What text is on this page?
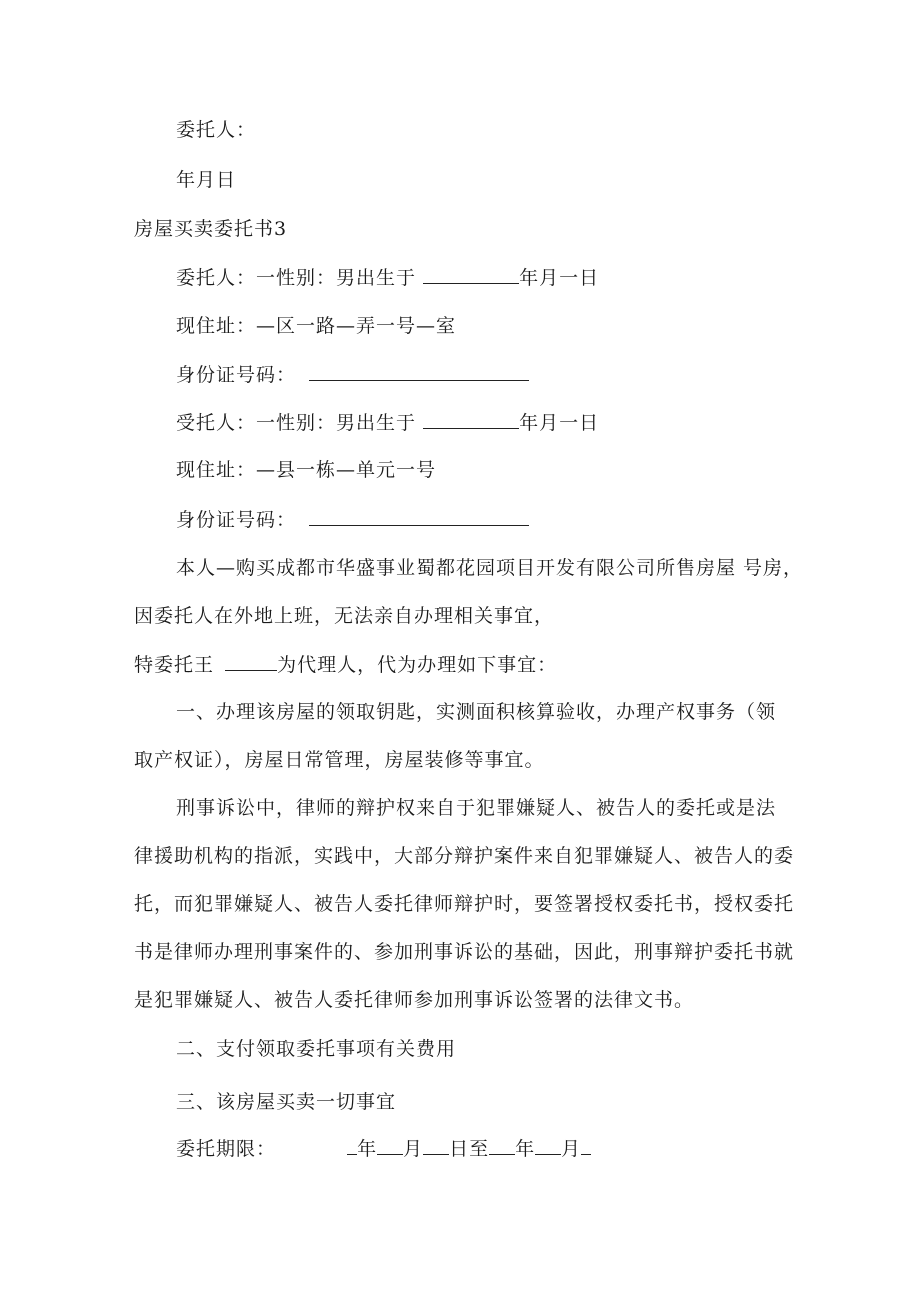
委托人：
年月日
房屋买卖委托书3
委托人：一性别：男出生于	年月一日
现住址：—区一路—弄一号—室
身份证号码：
受托人：一性别：男出生于	年月一日
现住址：—县一栋—单元一号
身份证号码：
本人—购买成都市华盛事业蜀都花园项目开发有限公司所售房屋 号房，
因委托人在外地上班，无法亲自办理相关事宜，
特委托王	为代理人，代为办理如下事宜：
一、办理该房屋的领取钥匙，实测面积核算验收，办理产权事务（领
取产权证），房屋日常管理，房屋装修等事宜。
刑事诉讼中，律师的辩护权来自于犯罪嫌疑人、被告人的委托或是法
律援助机构的指派，实践中，大部分辩护案件来自犯罪嫌疑人、被告人的委
托，而犯罪嫌疑人、被告人委托律师辩护时，要签署授权委托书，授权委托
书是律师办理刑事案件的、参加刑事诉讼的基础，因此，刑事辩护委托书就
是犯罪嫌疑人、被告人委托律师参加刑事诉讼签署的法律文书。
二、支付领取委托事项有关费用
三、该房屋买卖一切事宜
委托期限：	年 月 日至 年 月
